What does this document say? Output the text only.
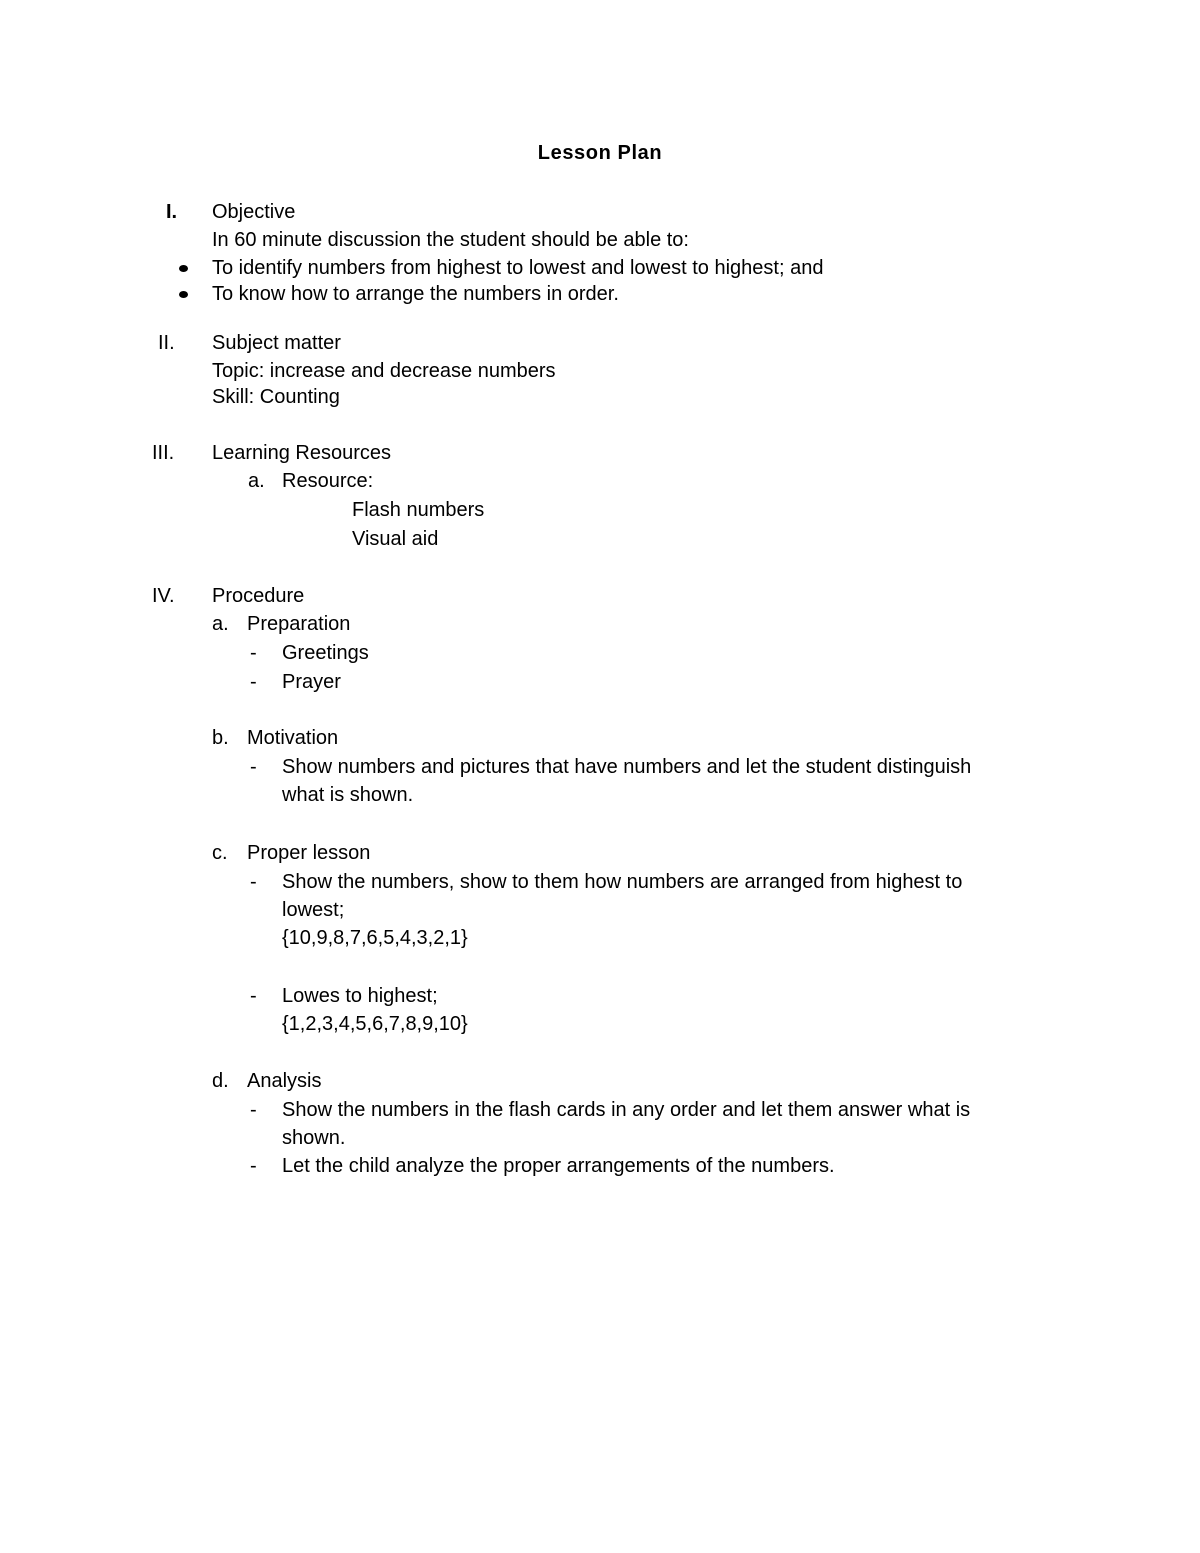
Lesson Plan
I. Objective
In 60 minute discussion the student should be able to:
To identify numbers from highest to lowest and lowest to highest; and
To know how to arrange the numbers in order.
II. Subject matter
Topic: increase and decrease numbers
Skill: Counting
III. Learning Resources
a. Resource:
Flash numbers
Visual aid
IV. Procedure
a. Preparation
- Greetings
- Prayer
b. Motivation
- Show numbers and pictures that have numbers and let the student distinguish
what is shown.
c. Proper lesson
- Show the numbers, show to them how numbers are arranged from highest to
lowest;
{10,9,8,7,6,5,4,3,2,1}
- Lowes to highest;
{1,2,3,4,5,6,7,8,9,10}
d. Analysis
- Show the numbers in the flash cards in any order and let them answer what is
shown.
- Let the child analyze the proper arrangements of the numbers.
